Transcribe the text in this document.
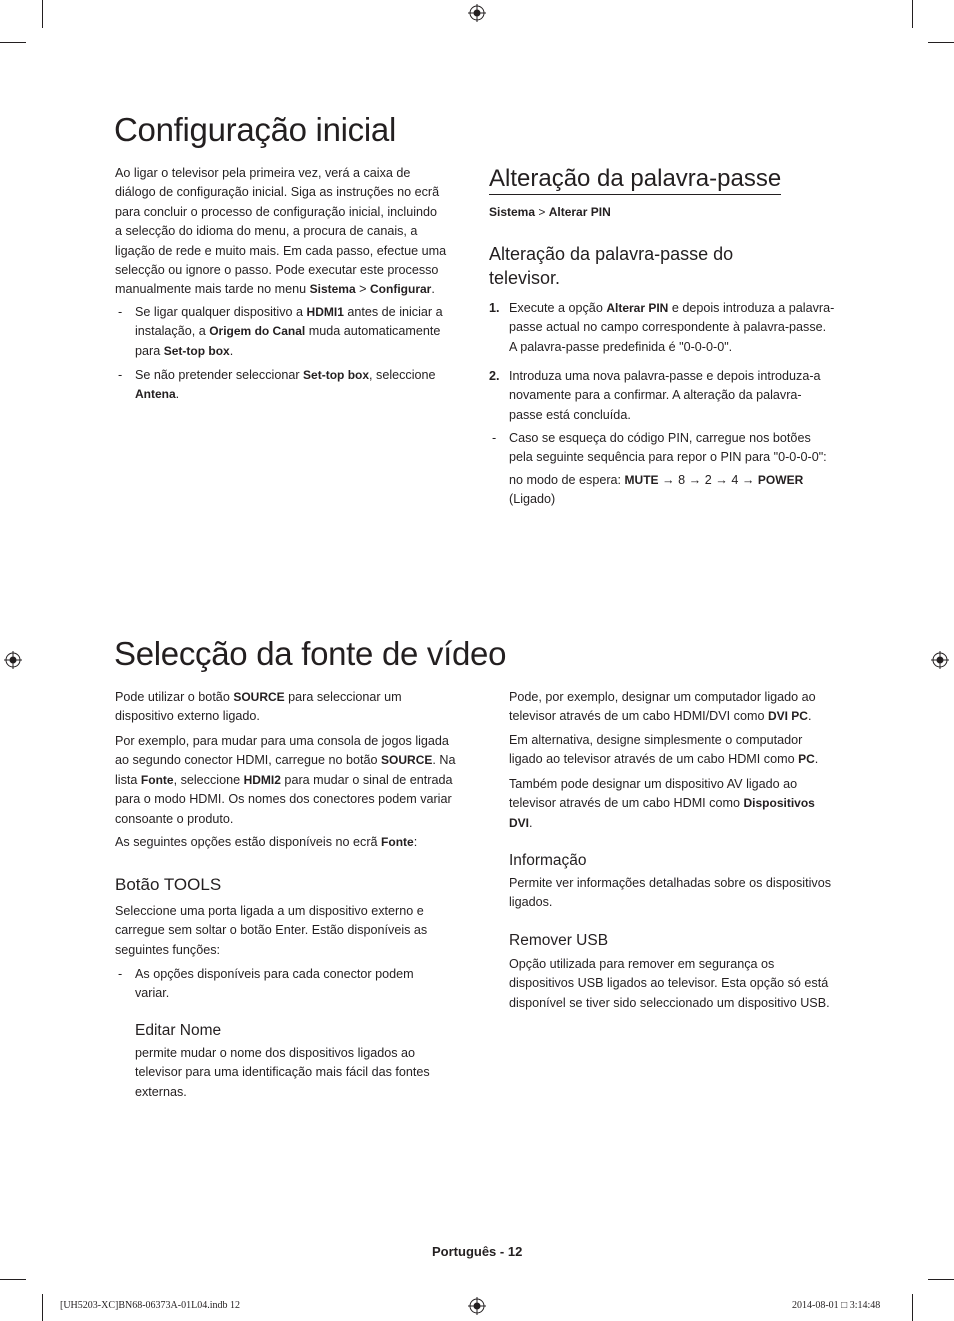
Configuração inicial
Ao ligar o televisor pela primeira vez, verá a caixa de
diálogo de configuração inicial. Siga as instruções no ecrã
para concluir o processo de configuração inicial, incluindo
a selecção do idioma do menu, a procura de canais, a
ligação de rede e muito mais. Em cada passo, efectue uma
selecção ou ignore o passo. Pode executar este processo
manualmente mais tarde no menu Sistema > Configurar.
- Se ligar qualquer dispositivo a HDMI1 antes de iniciar a
instalação, a Origem do Canal muda automaticamente
para Set-top box.
- Se não pretender seleccionar Set-top box, seleccione
Antena.
Alteração da palavra-passe
Sistema > Alterar PIN
Alteração da palavra-passe do
televisor.
1. Execute a opção Alterar PIN e depois introduza a palavra-
passe actual no campo correspondente à palavra-passe.
A palavra-passe predefinida é "0-0-0-0".
2. Introduza uma nova palavra-passe e depois introduza-a
novamente para a confirmar. A alteração da palavra-
passe está concluída.
- Caso se esqueça do código PIN, carregue nos botões
pela seguinte sequência para repor o PIN para "0-0-0-0":
no modo de espera: MUTE → 8 → 2 → 4 → POWER
(Ligado)
Selecção da fonte de vídeo
Pode utilizar o botão SOURCE para seleccionar um
dispositivo externo ligado.
Por exemplo, para mudar para uma consola de jogos ligada
ao segundo conector HDMI, carregue no botão SOURCE. Na
lista Fonte, seleccione HDMI2 para mudar o sinal de entrada
para o modo HDMI. Os nomes dos conectores podem variar
consoante o produto.
As seguintes opções estão disponíveis no ecrã Fonte:
Botão TOOLS
Seleccione uma porta ligada a um dispositivo externo e
carregue sem soltar o botão Enter. Estão disponíveis as
seguintes funções:
- As opções disponíveis para cada conector podem
variar.
Editar Nome
permite mudar o nome dos dispositivos ligados ao
televisor para uma identificação mais fácil das fontes
externas.
Pode, por exemplo, designar um computador ligado ao
televisor através de um cabo HDMI/DVI como DVI PC.
Em alternativa, designe simplesmente o computador
ligado ao televisor através de um cabo HDMI como PC.
Também pode designar um dispositivo AV ligado ao
televisor através de um cabo HDMI como Dispositivos
DVI.
Informação
Permite ver informações detalhadas sobre os dispositivos
ligados.
Remover USB
Opção utilizada para remover em segurança os
dispositivos USB ligados ao televisor. Esta opção só está
disponível se tiver sido seleccionado um dispositivo USB.
Português - 12
[UH5203-XC]BN68-06373A-01L04.indb 12	2014-08-01 □ 3:14:48
